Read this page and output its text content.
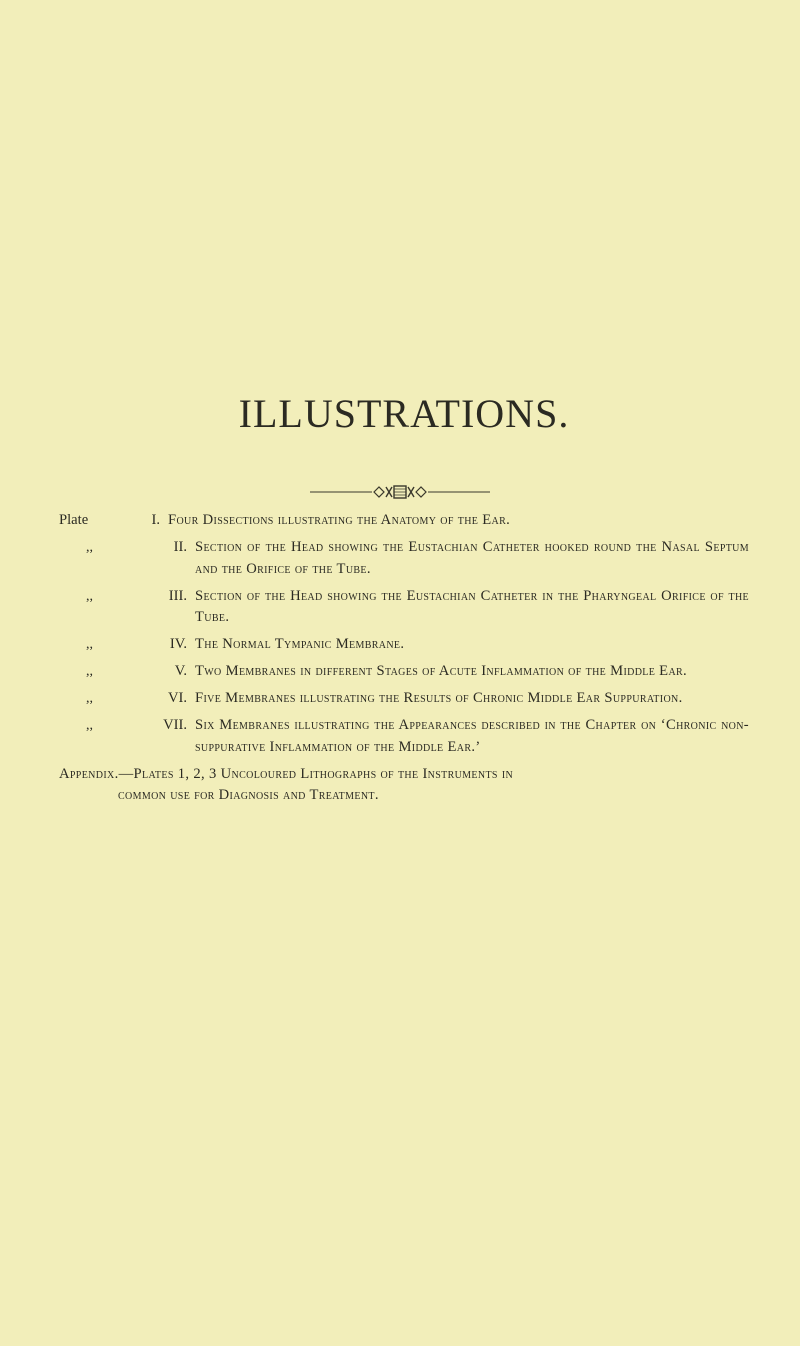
ILLUSTRATIONS.
Plate	I. Four Dissections illustrating the Anatomy of the Ear.
,,	II. Section of the Head showing the Eustachian Catheter hooked round the Nasal Septum and the Orifice of the Tube.
,,	III. Section of the Head showing the Eustachian Catheter in the Pharyngeal Orifice of the Tube.
,,	IV. The Normal Tympanic Membrane.
,,	V. Two Membranes in different Stages of Acute Inflammation of the Middle Ear.
,,	VI. Five Membranes illustrating the Results of Chronic Middle Ear Suppuration.
,,	VII. Six Membranes illustrating the Appearances described in the Chapter on ‘Chronic non-suppurative Inflammation of the Middle Ear.’
Appendix.—Plates 1, 2, 3 Uncoloured Lithographs of the Instruments in
common use for Diagnosis and Treatment.
